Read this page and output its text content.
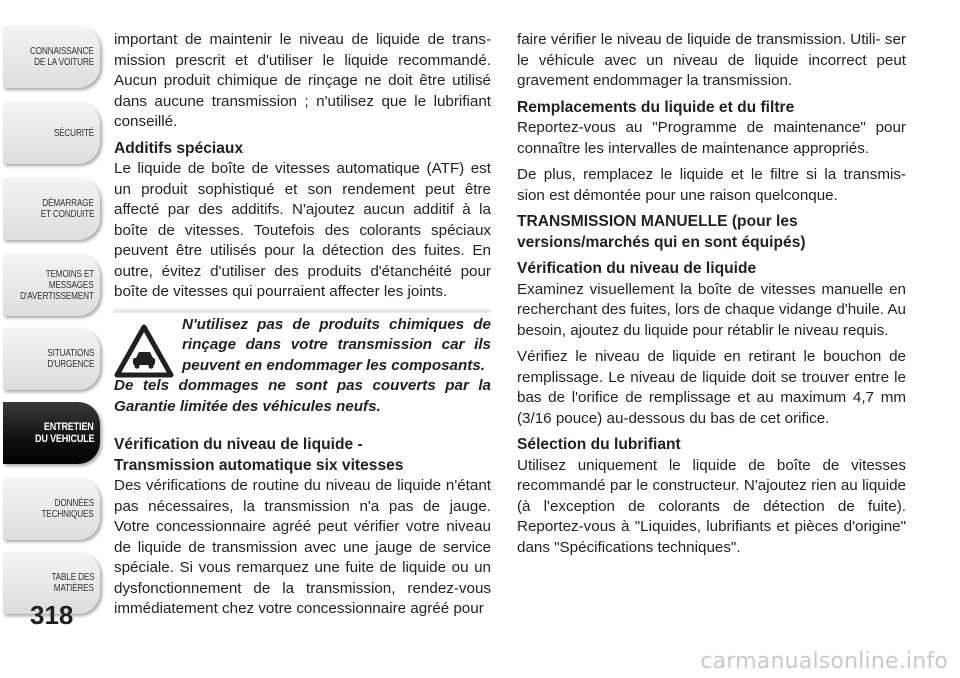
CONNAISSANCE
DE LA VOITURE
SÉCURITÉ
DÉMARRAGE
ET CONDUITE
TEMOINS ET
MESSAGES
D'AVERTISSEMENT
SITUATIONS
D'URGENCE
ENTRETIEN
DU VEHICULE
DONNÉES
TECHNIQUES
TABLE DES
MATIÈRES
318

important de maintenir le niveau de liquide de trans- mission prescrit et d'utiliser le liquide recommandé. Aucun produit chimique de rinçage ne doit être utilisé dans aucune transmission ; n'utilisez que le lubrifiant conseillé.

Additifs spéciaux

Le liquide de boîte de vitesses automatique (ATF) est un produit sophistiqué et son rendement peut être affecté par des additifs. N'ajoutez aucun additif à la boîte de vitesses. Toutefois des colorants spéciaux peuvent être utilisés pour la détection des fuites. En outre, évitez d'utiliser des produits d'étanchéité pour boîte de vitesses qui pourraient affecter les joints.

N'utilisez pas de produits chimiques de rinçage dans votre transmission car ils peuvent en endommager les composants.
De tels dommages ne sont pas couverts par la Garantie limitée des véhicules neufs.
Vérification du niveau de liquide -
Transmission automatique six vitesses

Des vérifications de routine du niveau de liquide n'étant pas nécessaires, la transmission n'a pas de jauge. Votre concessionnaire agréé peut vérifier votre niveau de liquide de transmission avec une jauge de service spéciale. Si vous remarquez une fuite de liquide ou un dysfonctionnement de la transmission, rendez-vous immédiatement chez votre concessionnaire agréé pour

faire vérifier le niveau de liquide de transmission. Utili- ser le véhicule avec un niveau de liquide incorrect peut gravement endommager la transmission.

Remplacements du liquide et du filtre

Reportez-vous au "Programme de maintenance" pour connaître les intervalles de maintenance appropriés.

De plus, remplacez le liquide et le filtre si la transmis- sion est démontée pour une raison quelconque.

TRANSMISSION MANUELLE (pour les
versions/marchés qui en sont équipés)
Vérification du niveau de liquide

Examinez visuellement la boîte de vitesses manuelle en recherchant des fuites, lors de chaque vidange d'huile. Au besoin, ajoutez du liquide pour rétablir le niveau requis.

Vérifiez le niveau de liquide en retirant le bouchon de remplissage. Le niveau de liquide doit se trouver entre le bas de l'orifice de remplissage et au maximum 4,7 mm (3/16 pouce) au-dessous du bas de cet orifice.

Sélection du lubrifiant

Utilisez uniquement le liquide de boîte de vitesses recommandé par le constructeur. N'ajoutez rien au liquide (à l'exception de colorants de détection de fuite). Reportez-vous à "Liquides, lubrifiants et pièces d'origine" dans "Spécifications techniques".

carmanualsonline.info
